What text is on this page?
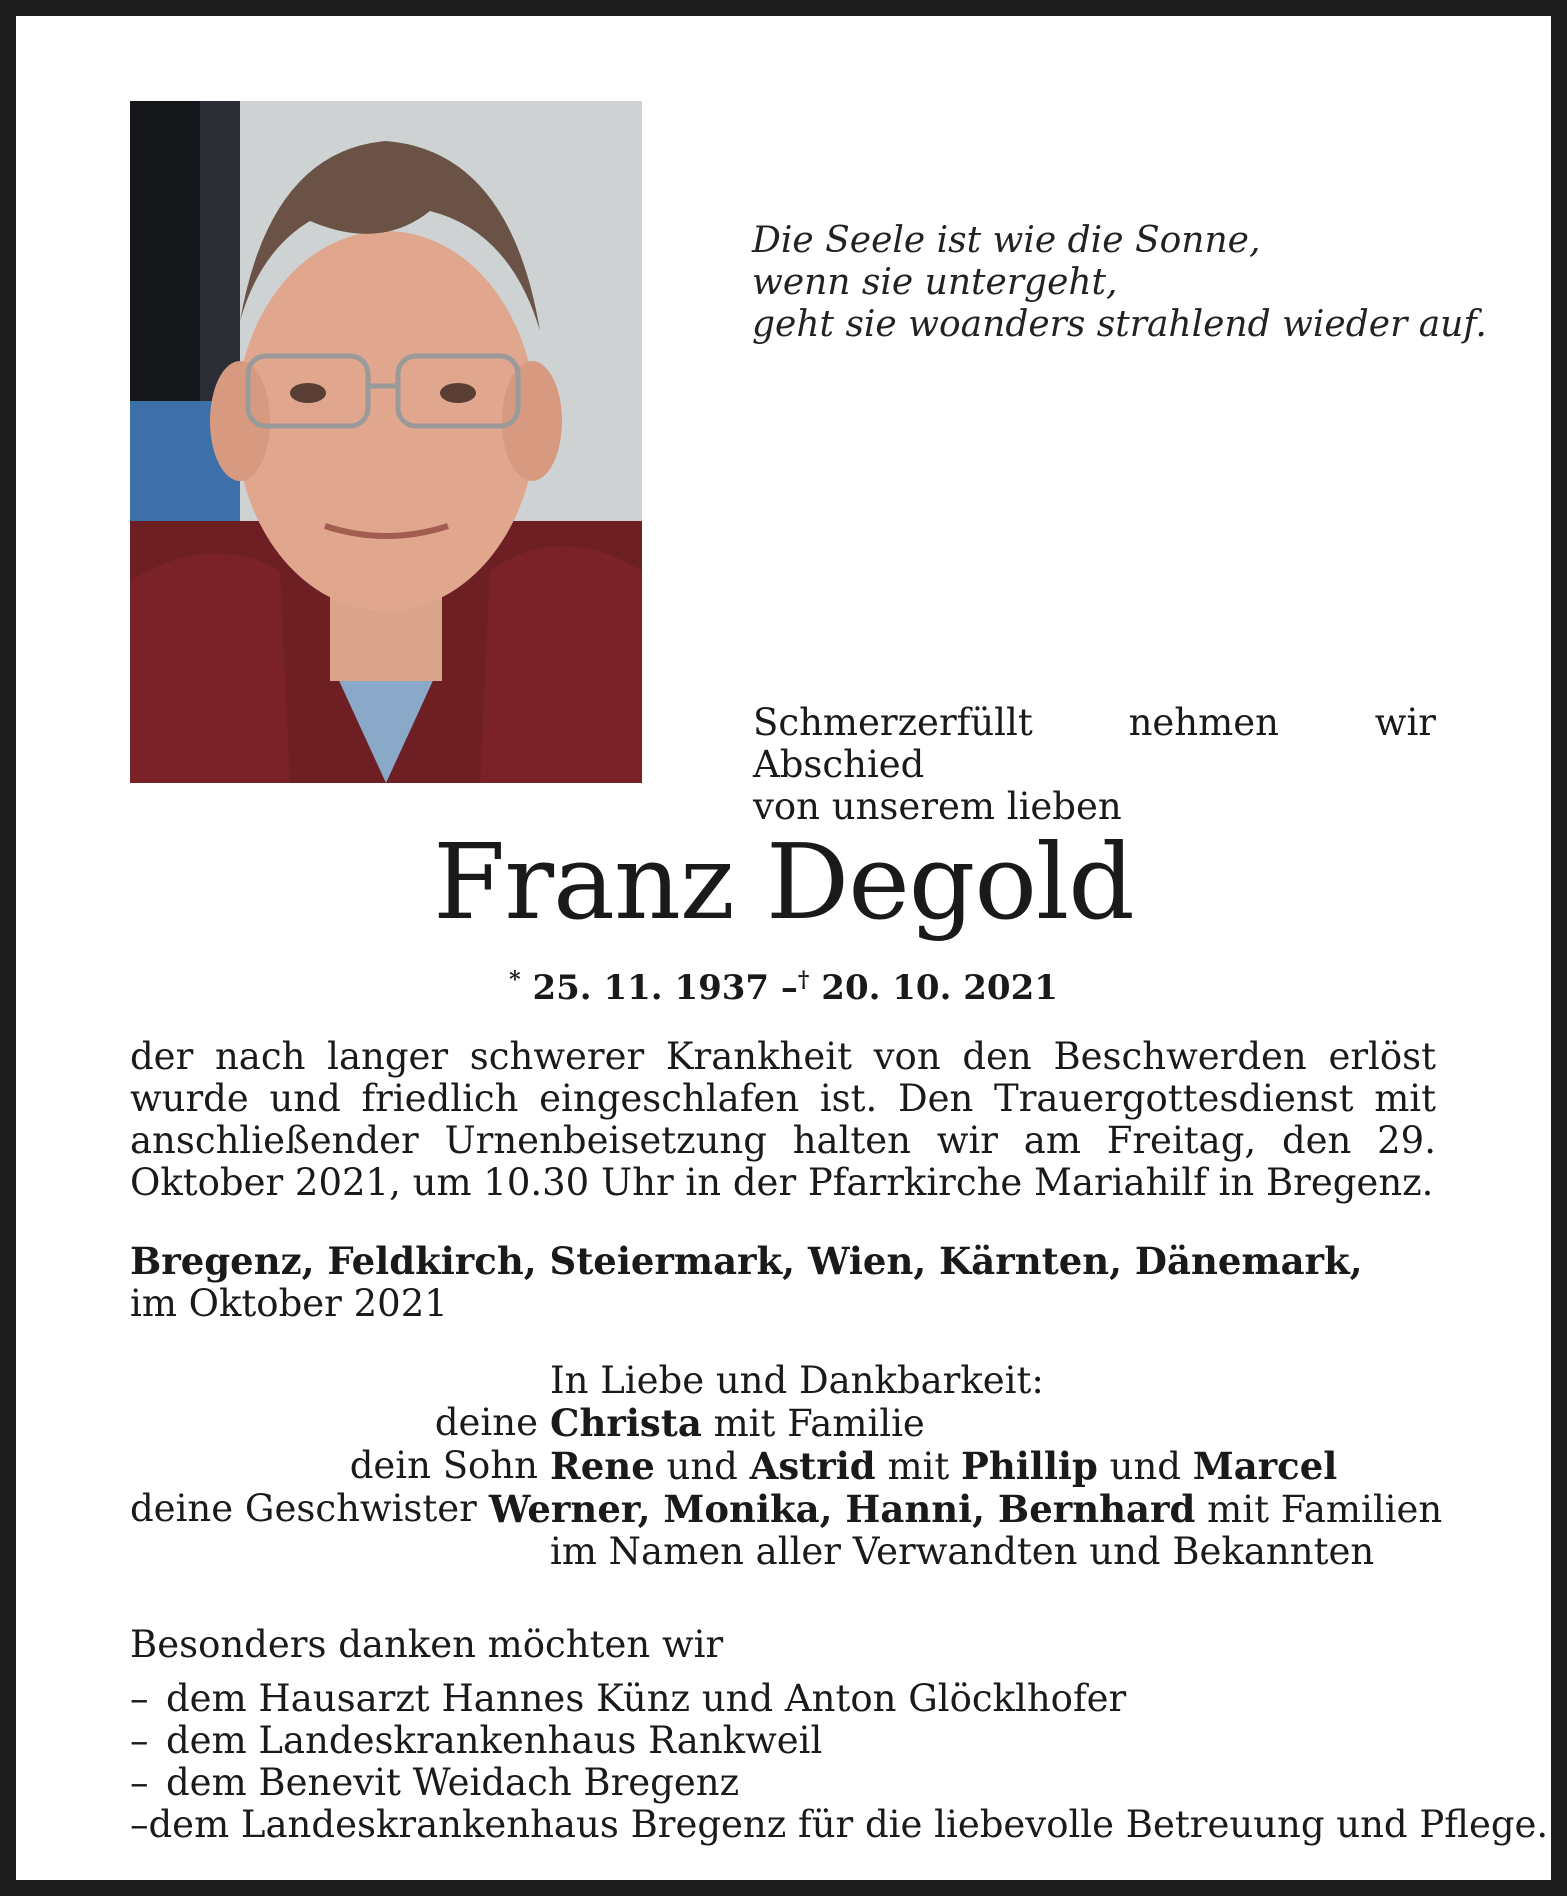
Die Seele ist wie die Sonne,
wenn sie untergeht,
geht sie woanders strahlend wieder auf.
Schmerzerfüllt nehmen wir Abschied
von unserem lieben
Franz Degold
* 25. 11. 1937 –† 20. 10. 2021
der nach langer schwerer Krankheit von den Beschwerden erlöst wurde und friedlich eingeschlafen ist. Den Trauergottesdienst mit anschließender Urnenbeisetzung halten wir am Freitag, den 29. Oktober 2021, um 10.30 Uhr in der Pfarrkirche Mariahilf in Bregenz.
Bregenz, Feldkirch, Steiermark, Wien, Kärnten, Dänemark,
im Oktober 2021
In Liebe und Dankbarkeit:
deine Christa mit Familie
dein Sohn Rene und Astrid mit Phillip und Marcel
deine Geschwister Werner, Monika, Hanni, Bernhard mit Familien
im Namen aller Verwandten und Bekannten
Besonders danken möchten wir
– dem Hausarzt Hannes Künz und Anton Glöcklhofer
– dem Landeskrankenhaus Rankweil
– dem Benevit Weidach Bregenz
– dem Landeskrankenhaus Bregenz für die liebevolle Betreuung und Pflege.
